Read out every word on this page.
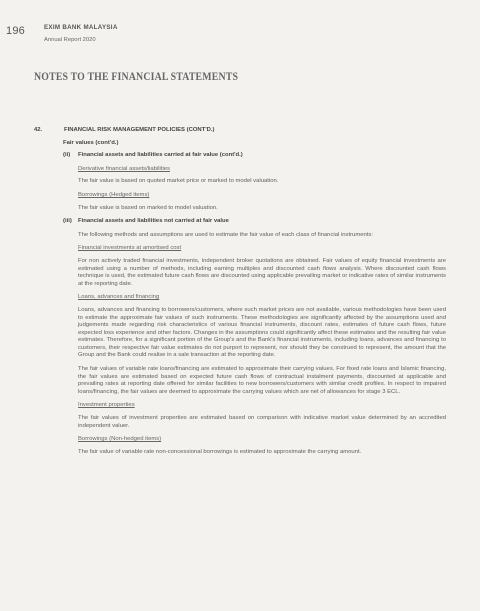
196	EXIM BANK MALAYSIA
Annual Report 2020
NOTES TO THE FINANCIAL STATEMENTS
42.	FINANCIAL RISK MANAGEMENT POLICIES (CONT'D.)
Fair values (cont'd.)
(ii) Financial assets and liabilities carried at fair value (cont'd.)
Derivative financial assets/liabilities
The fair value is based on quoted market price or marked to model valuation.
Borrowings (Hedged items)
The fair value is based on marked to model valuation.
(iii) Financial assets and liabilities not carried at fair value
The following methods and assumptions are used to estimate the fair value of each class of financial instruments:
Financial investments at amortised cost
For non actively traded financial investments, independent broker quotations are obtained. Fair values of equity financial investments are estimated using a number of methods, including earning multiples and discounted cash flows analysis. Where discounted cash flows technique is used, the estimated future cash flows are discounted using applicable prevailing market or indicative rates of similar instruments at the reporting date.
Loans, advances and financing
Loans, advances and financing to borrowers/customers, where such market prices are not available, various methodologies have been used to estimate the approximate fair values of such instruments. These methodologies are significantly affected by the assumptions used and judgements made regarding risk characteristics of various financial instruments, discount rates, estimates of future cash flows, future expected loss experience and other factors. Changes in the assumptions could significantly affect these estimates and the resulting fair value estimates. Therefore, for a significant portion of the Group's and the Bank's financial instruments, including loans, advances and financing to customers, their respective fair value estimates do not purport to represent, nor should they be construed to represent, the amount that the Group and the Bank could realise in a sale transaction at the reporting date.
The fair values of variable rate loans/financing are estimated to approximate their carrying values. For fixed rate loans and Islamic financing, the fair values are estimated based on expected future cash flows of contractual instalment payments, discounted at applicable and prevailing rates at reporting date offered for similar facilities to new borrowers/customers with similar credit profiles. In respect to impaired loans/financing, the fair values are deemed to approximate the carrying values which are net of allowances for stage 3 ECL.
Investment properties
The fair values of investment properties are estimated based on comparison with indicative market value determined by an accredited independent valuer.
Borrowings (Non-hedged items)
The fair value of variable rate non-concessional borrowings is estimated to approximate the carrying amount.
